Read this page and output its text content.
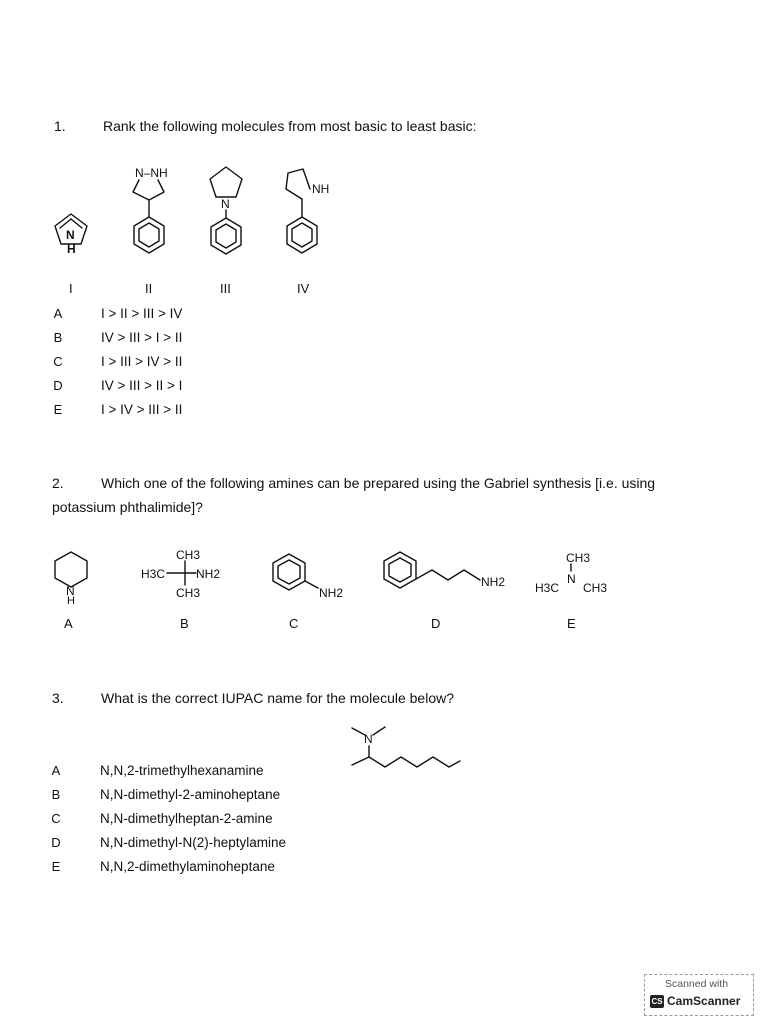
1.	Rank the following molecules from most basic to least basic:
N
H
N–NH
N
NH
I	II	III	IV
A	I > II > III > IV
B	IV > III > I > II
C	I > III > IV > II
D	IV > III > II > I
E	I > IV > III > II
2.	Which one of the following amines can be prepared using the Gabriel synthesis [i.e. using
potassium phthalimide]?
N
H
CH3
H3C	NH2
CH3	NH2
NH2
CH3
N
H3C CH3
A	B	C	D	E
3.	What is the correct IUPAC name for the molecule below?
N
A	N,N,2-trimethylhexanamine
B	N,N-dimethyl-2-aminoheptane
C	N,N-dimethylheptan-2-amine
D	N,N-dimethyl-N(2)-heptylamine
E	N,N,2-dimethylaminoheptane
Scanned with
CS CamScanner
